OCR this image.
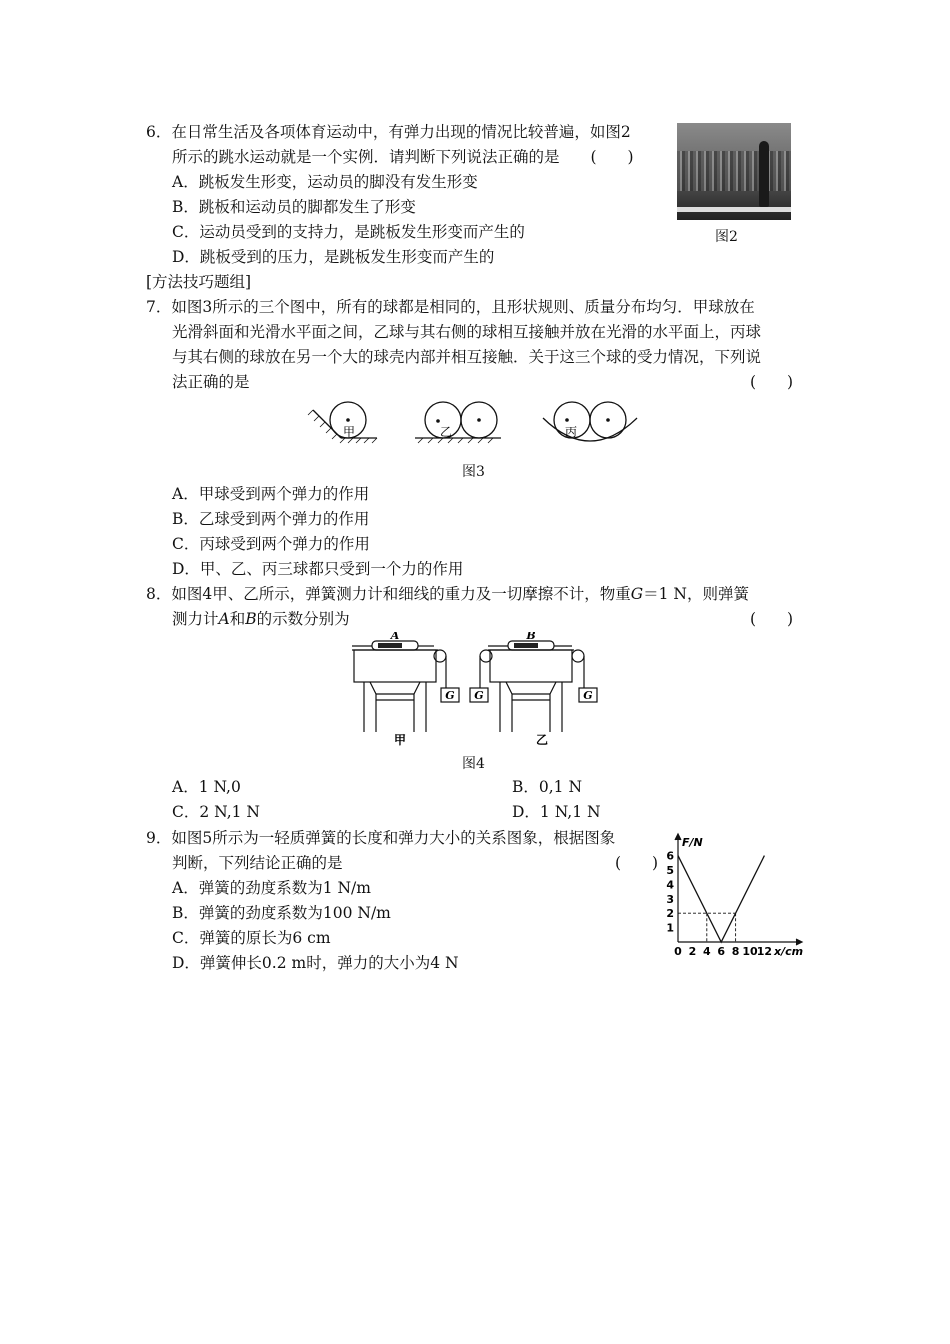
6．在日常生活及各项体育运动中，有弹力出现的情况比较普遍，如图2
所示的跳水运动就是一个实例．请判断下列说法正确的是　　(　　)
A．跳板发生形变，运动员的脚没有发生形变
B．跳板和运动员的脚都发生了形变
C．运动员受到的支持力，是跳板发生形变而产生的
D．跳板受到的压力，是跳板发生形变而产生的
图2
[方法技巧题组]
7．如图3所示的三个图中，所有的球都是相同的，且形状规则、质量分布均匀．甲球放在
光滑斜面和光滑水平面之间，乙球与其右侧的球相互接触并放在光滑的水平面上，丙球
与其右侧的球放在另一个大的球壳内部并相互接触．关于这三个球的受力情况，下列说
法正确的是	(　　)
甲	乙	丙
图3
A．甲球受到两个弹力的作用
B．乙球受到两个弹力的作用
C．丙球受到两个弹力的作用
D．甲、乙、丙三球都只受到一个力的作用
8．如图4甲、乙所示，弹簧测力计和细线的重力及一切摩擦不计，物重G＝1 N，则弹簧
测力计A和B的示数分别为	(　　)
A	B
G G	G
甲	乙
图4
A．1 N,0	B．0,1 N
C．2 N,1 N	D．1 N,1 N
9．如图5所示为一轻质弹簧的长度和弹力大小的关系图象，根据图象
判断，下列结论正确的是	(　　)
A．弹簧的劲度系数为1 N/m
B．弹簧的劲度系数为100 N/m
C．弹簧的原长为6 cm
D．弹簧伸长0.2 m时，弹力的大小为4 N
0 2 4 6 8 10 12
1
2
3
4
5
6
F/N
x/cm
